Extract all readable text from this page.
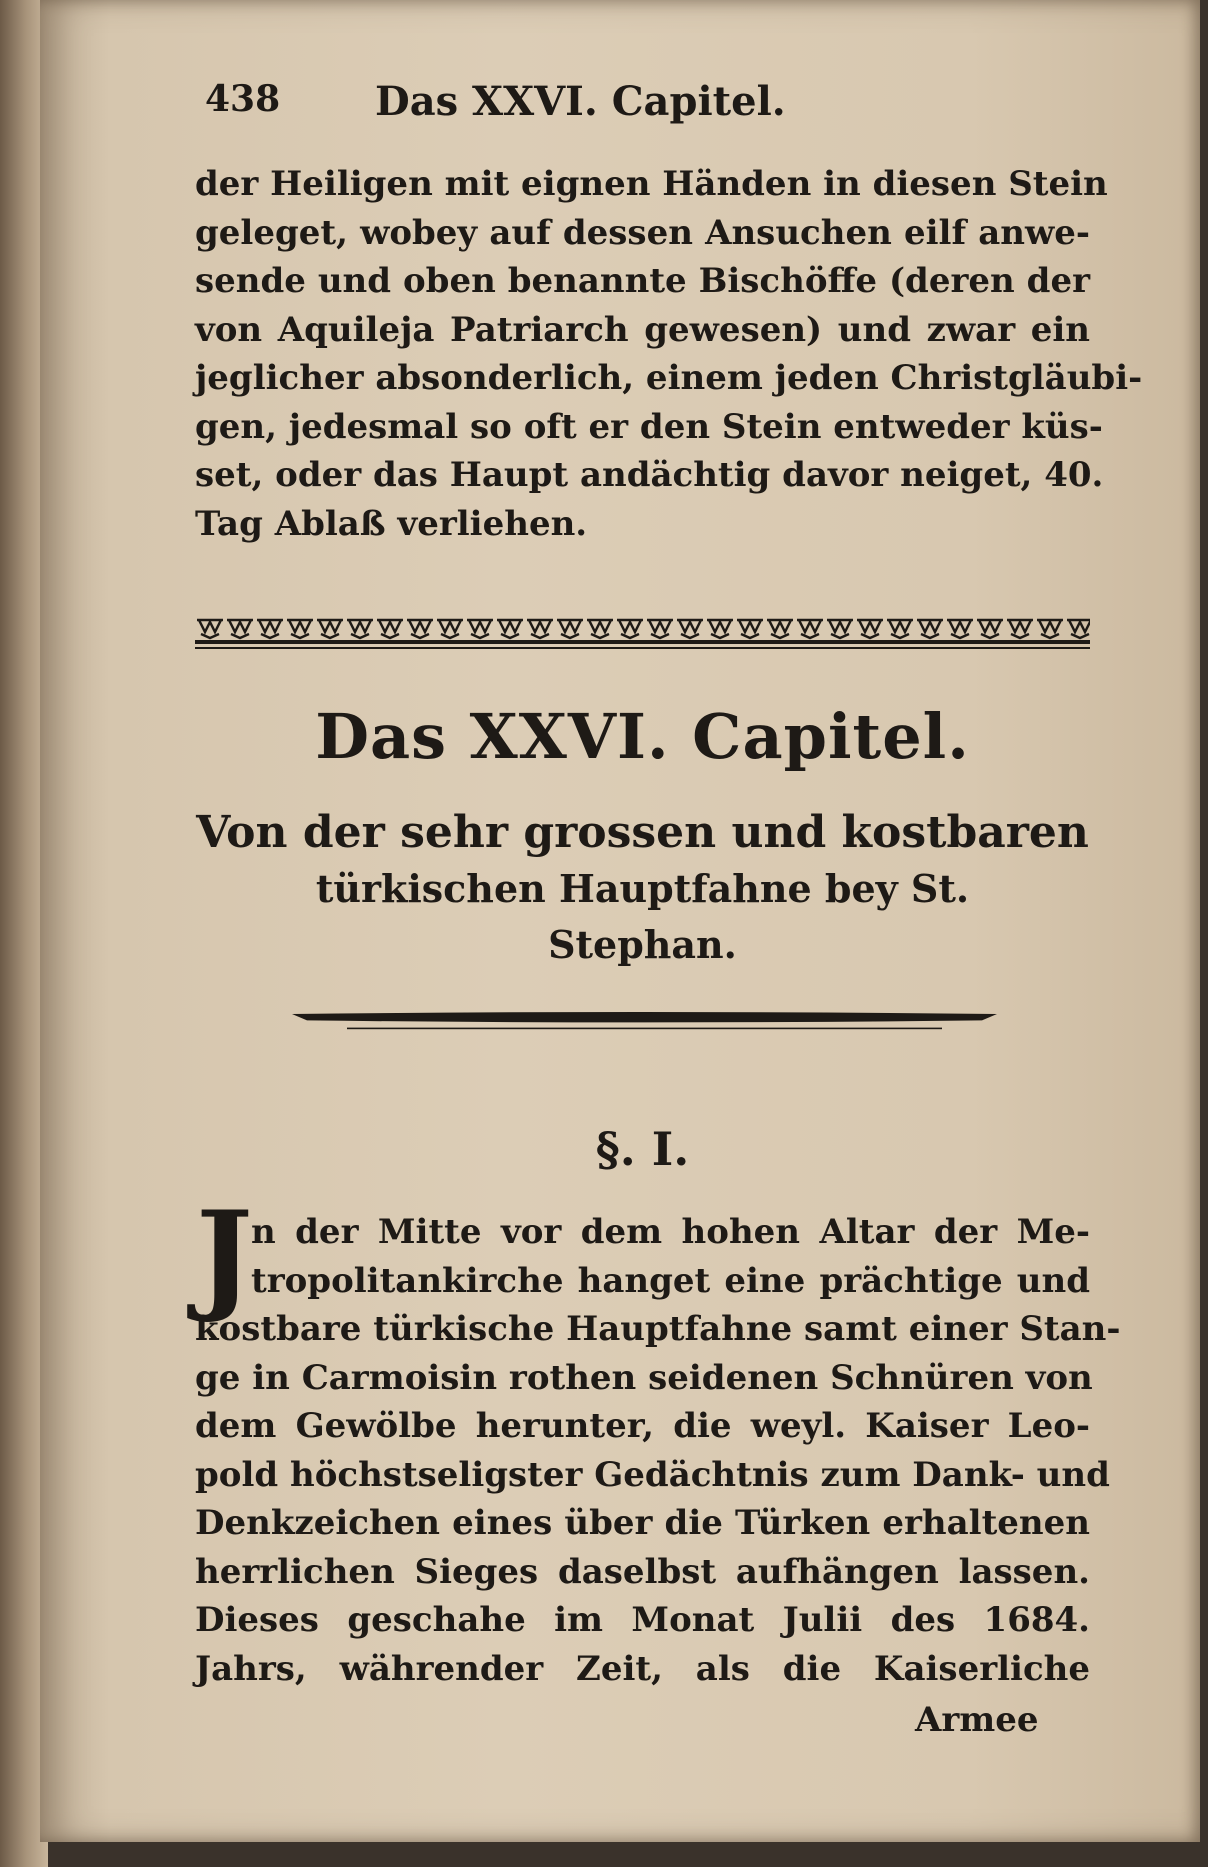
438 Das XXVI. Capitel.
der Heiligen mit eignen Händen in diesen Stein
geleget, wobey auf dessen Ansuchen eilf anwe-
sende und oben benannte Bischöffe (deren der
von Aquileja Patriarch gewesen) und zwar ein
jeglicher absonderlich, einem jeden Christgläubi-
gen, jedesmal so oft er den Stein entweder küs-
set, oder das Haupt andächtig davor neiget, 40.
Tag Ablaß verliehen.
Das XXVI. Capitel.
Von der sehr grossen und kostbaren
türkischen Hauptfahne bey St.
Stephan.
§. I.
J
n der Mitte vor dem hohen Altar der Me-
tropolitankirche hanget eine prächtige und
kostbare türkische Hauptfahne samt einer Stan-
ge in Carmoisin rothen seidenen Schnüren von
dem Gewölbe herunter, die weyl. Kaiser Leo-
pold höchstseligster Gedächtnis zum Dank- und
Denkzeichen eines über die Türken erhaltenen
herrlichen Sieges daselbst aufhängen lassen.
Dieses geschahe im Monat Julii des 1684.
Jahrs, währender Zeit, als die Kaiserliche
Armee
